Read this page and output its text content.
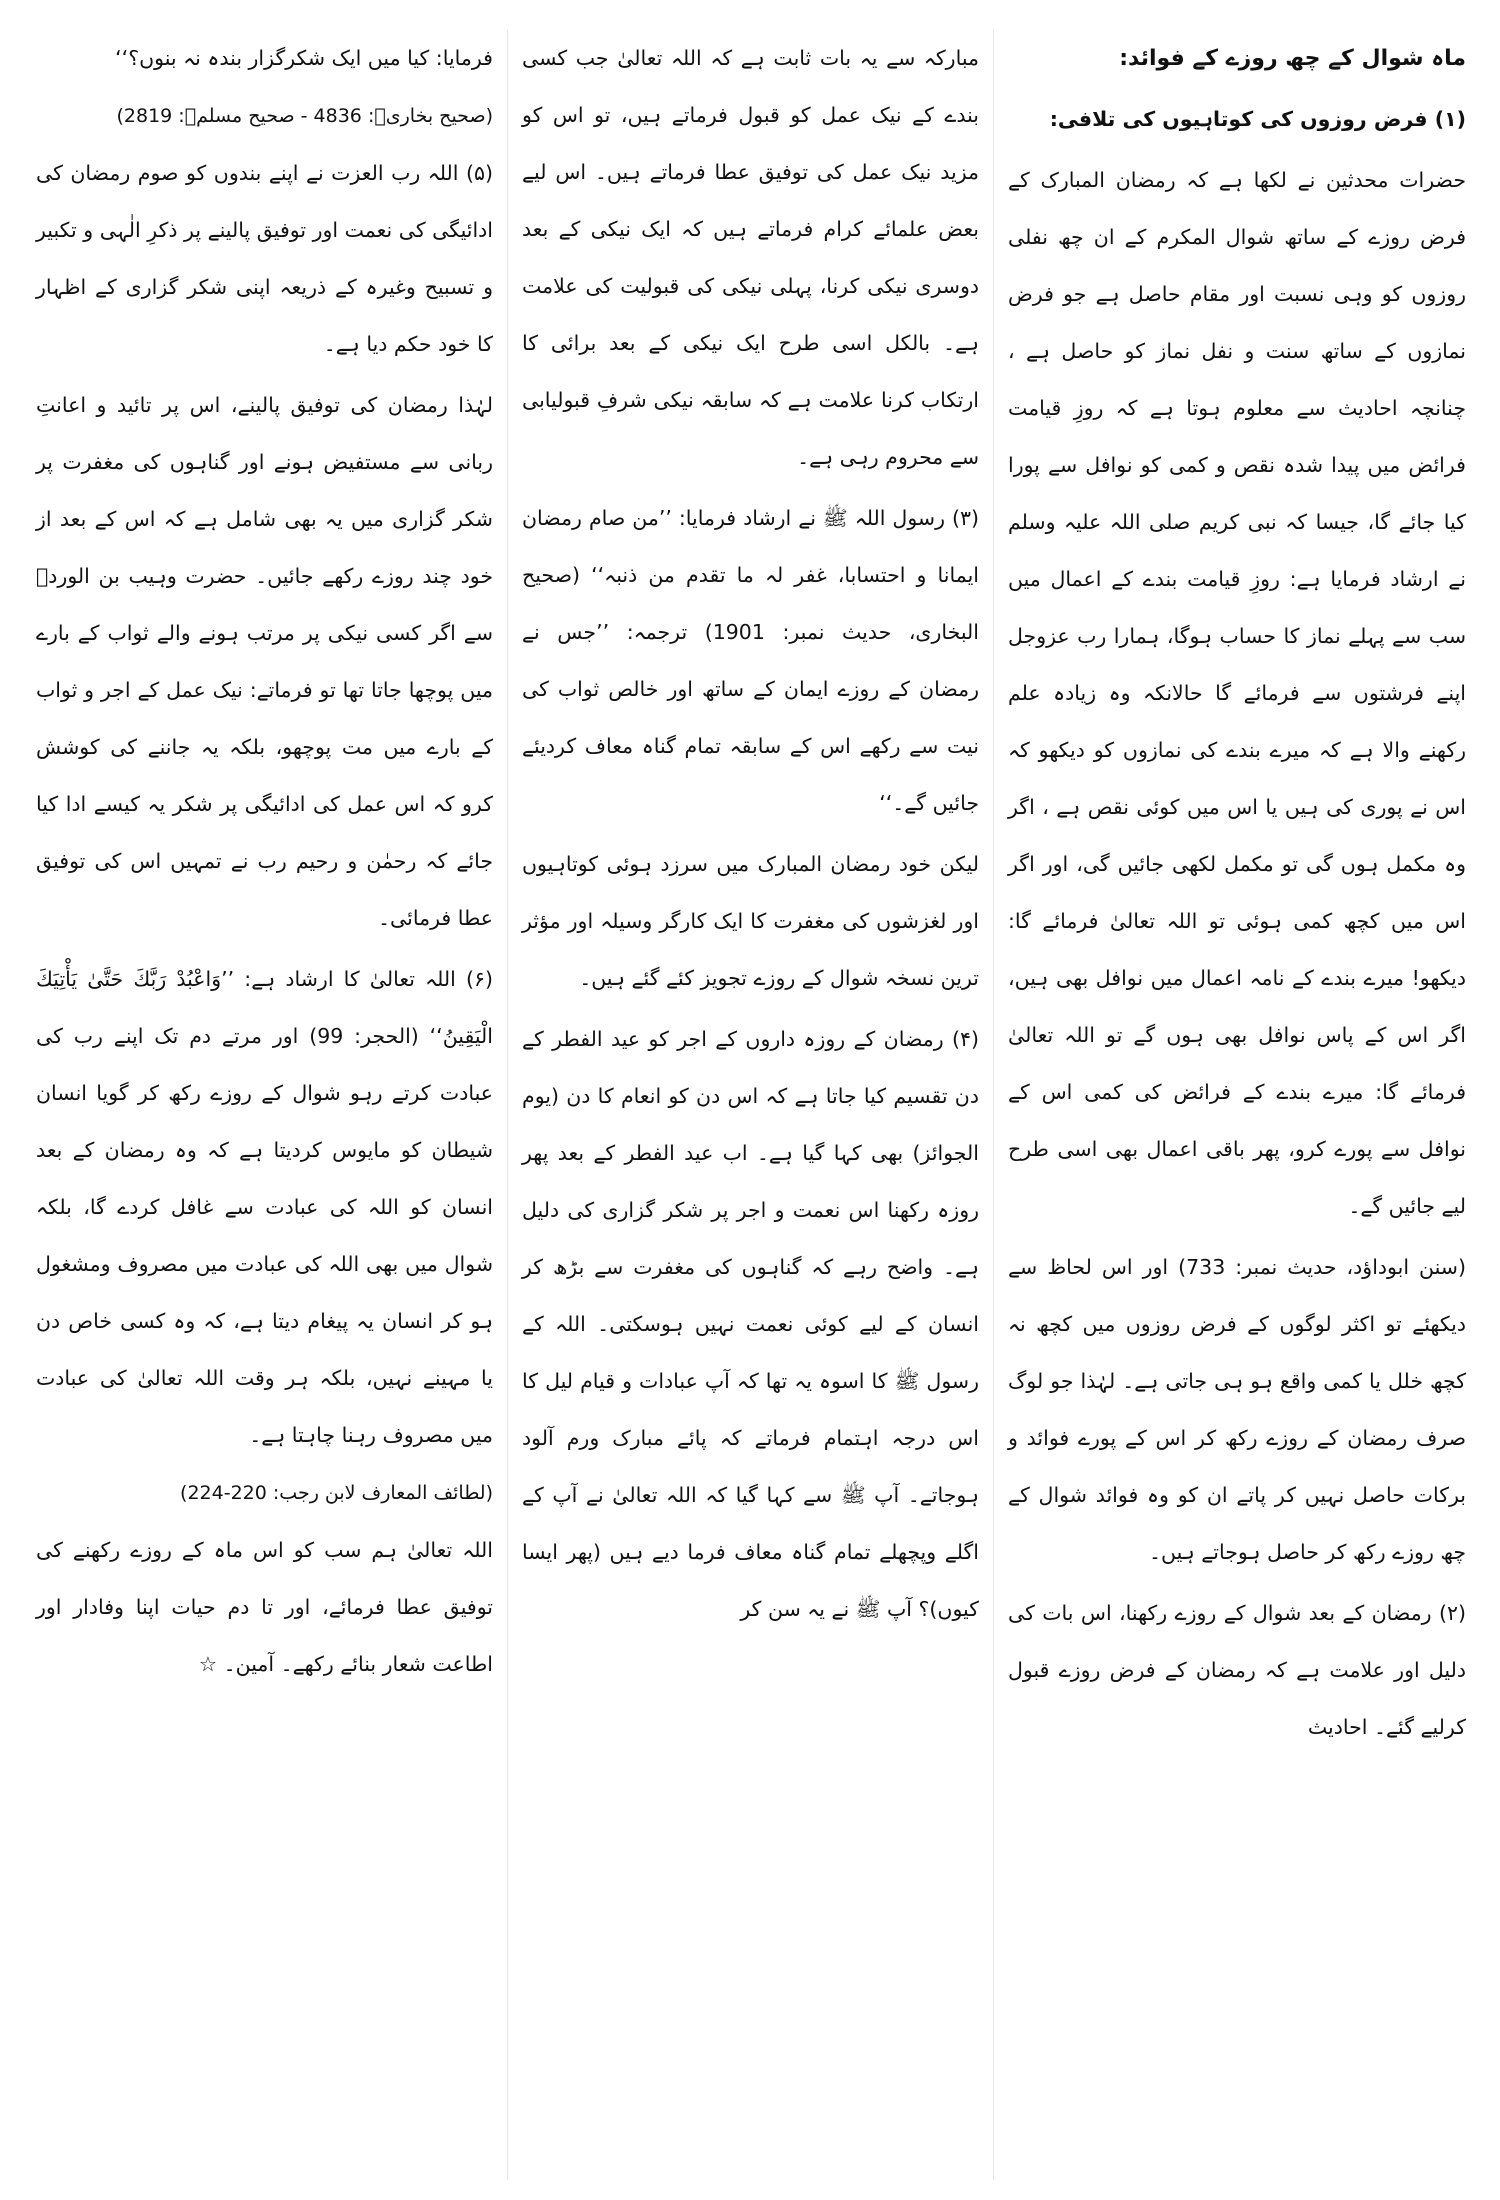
ماہ شوال کے چھ روزے کے فوائد:

(۱) فرض روزوں کی کوتاہیوں کی تلافی:

حضرات محدثین نے لکھا ہے کہ رمضان المبارک کے فرض روزے کے ساتھ شوال المکرم کے ان چھ نفلی روزوں کو وہی نسبت اور مقام حاصل ہے جو فرض نمازوں کے ساتھ سنت و نفل نماز کو حاصل ہے ، چنانچہ احادیث سے معلوم ہوتا ہے کہ روزِ قیامت فرائض میں پیدا شدہ نقص و کمی کو نوافل سے پورا کیا جائے گا، جیسا کہ نبی کریم صلی اللہ علیہ وسلم نے ارشاد فرمایا ہے: روزِ قیامت بندے کے اعمال میں سب سے پہلے نماز کا حساب ہوگا، ہمارا رب عزوجل اپنے فرشتوں سے فرمائے گا حالانکہ وہ زیادہ علم رکھنے والا ہے کہ میرے بندے کی نمازوں کو دیکھو کہ اس نے پوری کی ہیں یا اس میں کوئی نقص ہے ، اگر وہ مکمل ہوں گی تو مکمل لکھی جائیں گی، اور اگر اس میں کچھ کمی ہوئی تو اللہ تعالیٰ فرمائے گا: دیکھو! میرے بندے کے نامہ اعمال میں نوافل بھی ہیں، اگر اس کے پاس نوافل بھی ہوں گے تو اللہ تعالیٰ فرمائے گا: میرے بندے کے فرائض کی کمی اس کے نوافل سے پورے کرو، پھر باقی اعمال بھی اسی طرح لیے جائیں گے۔

(سنن ابوداؤد، حدیث نمبر: 733) اور اس لحاظ سے دیکھئے تو اکثر لوگوں کے فرض روزوں میں کچھ نہ کچھ خلل یا کمی واقع ہو ہی جاتی ہے۔ لہٰذا جو لوگ صرف رمضان کے روزے رکھ کر اس کے پورے فوائد و برکات حاصل نہیں کر پاتے ان کو وہ فوائد شوال کے چھ روزے رکھ کر حاصل ہوجاتے ہیں۔

(۲) رمضان کے بعد شوال کے روزے رکھنا، اس بات کی دلیل اور علامت ہے کہ رمضان کے فرض روزے قبول کرلیے گئے۔ احادیث

مبارکہ سے یہ بات ثابت ہے کہ اللہ تعالیٰ جب کسی بندے کے نیک عمل کو قبول فرماتے ہیں، تو اس کو مزید نیک عمل کی توفیق عطا فرماتے ہیں۔ اس لیے بعض علمائے کرام فرماتے ہیں کہ ایک نیکی کے بعد دوسری نیکی کرنا، پہلی نیکی کی قبولیت کی علامت ہے۔ بالکل اسی طرح ایک نیکی کے بعد برائی کا ارتکاب کرنا علامت ہے کہ سابقہ نیکی شرفِ قبولیابی سے محروم رہی ہے۔

(۳) رسول اللہ ﷺ نے ارشاد فرمایا: ’’من صام رمضان ایمانا و احتسابا، غفر لہ ما تقدم من ذنبہ‘‘ (صحیح البخاری، حدیث نمبر: 1901) ترجمہ: ’’جس نے رمضان کے روزے ایمان کے ساتھ اور خالص ثواب کی نیت سے رکھے اس کے سابقہ تمام گناہ معاف کردیئے جائیں گے۔‘‘

لیکن خود رمضان المبارک میں سرزد ہوئی کوتاہیوں اور لغزشوں کی مغفرت کا ایک کارگر وسیلہ اور مؤثر ترین نسخہ شوال کے روزے تجویز کئے گئے ہیں۔

(۴) رمضان کے روزہ داروں کے اجر کو عید الفطر کے دن تقسیم کیا جاتا ہے کہ اس دن کو انعام کا دن (یوم الجوائز) بھی کہا گیا ہے۔ اب عید الفطر کے بعد پھر روزہ رکھنا اس نعمت و اجر پر شکر گزاری کی دلیل ہے۔ واضح رہے کہ گناہوں کی مغفرت سے بڑھ کر انسان کے لیے کوئی نعمت نہیں ہوسکتی۔ اللہ کے رسول ﷺ کا اسوہ یہ تھا کہ آپ عبادات و قیام لیل کا اس درجہ اہتمام فرماتے کہ پائے مبارک ورم آلود ہوجاتے۔ آپ ﷺ سے کہا گیا کہ اللہ تعالیٰ نے آپ کے اگلے وپچھلے تمام گناہ معاف فرما دیے ہیں (پھر ایسا کیوں)؟ آپ ﷺ نے یہ سن کر

فرمایا: کیا میں ایک شکرگزار بندہ نہ بنوں؟‘‘

(صحیح بخاریؒ: 4836 - صحیح مسلمؒ: 2819)

(۵) اللہ رب العزت نے اپنے بندوں کو صوم رمضان کی ادائیگی کی نعمت اور توفیق پالینے پر ذکرِ الٰہی و تکبیر و تسبیح وغیرہ کے ذریعہ اپنی شکر گزاری کے اظہار کا خود حکم دیا ہے۔

لہٰذا رمضان کی توفیق پالینے، اس پر تائید و اعانتِ ربانی سے مستفیض ہونے اور گناہوں کی مغفرت پر شکر گزاری میں یہ بھی شامل ہے کہ اس کے بعد از خود چند روزے رکھے جائیں۔ حضرت وہیب بن الوردؒ سے اگر کسی نیکی پر مرتب ہونے والے ثواب کے بارے میں پوچھا جاتا تھا تو فرماتے: نیک عمل کے اجر و ثواب کے بارے میں مت پوچھو، بلکہ یہ جاننے کی کوشش کرو کہ اس عمل کی ادائیگی پر شکر یہ کیسے ادا کیا جائے کہ رحمٰن و رحیم رب نے تمہیں اس کی توفیق عطا فرمائی۔

(۶) اللہ تعالیٰ کا ارشاد ہے: ’’وَاعْبُدْ رَبَّكَ حَتَّىٰ يَأْتِيَكَ الْيَقِينُ‘‘ (الحجر: 99) اور مرتے دم تک اپنے رب کی عبادت کرتے رہو شوال کے روزے رکھ کر گویا انسان شیطان کو مایوس کردیتا ہے کہ وہ رمضان کے بعد انسان کو اللہ کی عبادت سے غافل کردے گا، بلکہ شوال میں بھی اللہ کی عبادت میں مصروف ومشغول ہو کر انسان یہ پیغام دیتا ہے، کہ وہ کسی خاص دن یا مہینے نہیں، بلکہ ہر وقت اللہ تعالیٰ کی عبادت میں مصروف رہنا چاہتا ہے۔

(لطائف المعارف لابن رجب: 220-224)

اللہ تعالیٰ ہم سب کو اس ماہ کے روزے رکھنے کی توفیق عطا فرمائے، اور تا دم حیات اپنا وفادار اور اطاعت شعار بنائے رکھے۔ آمین۔ ☆
